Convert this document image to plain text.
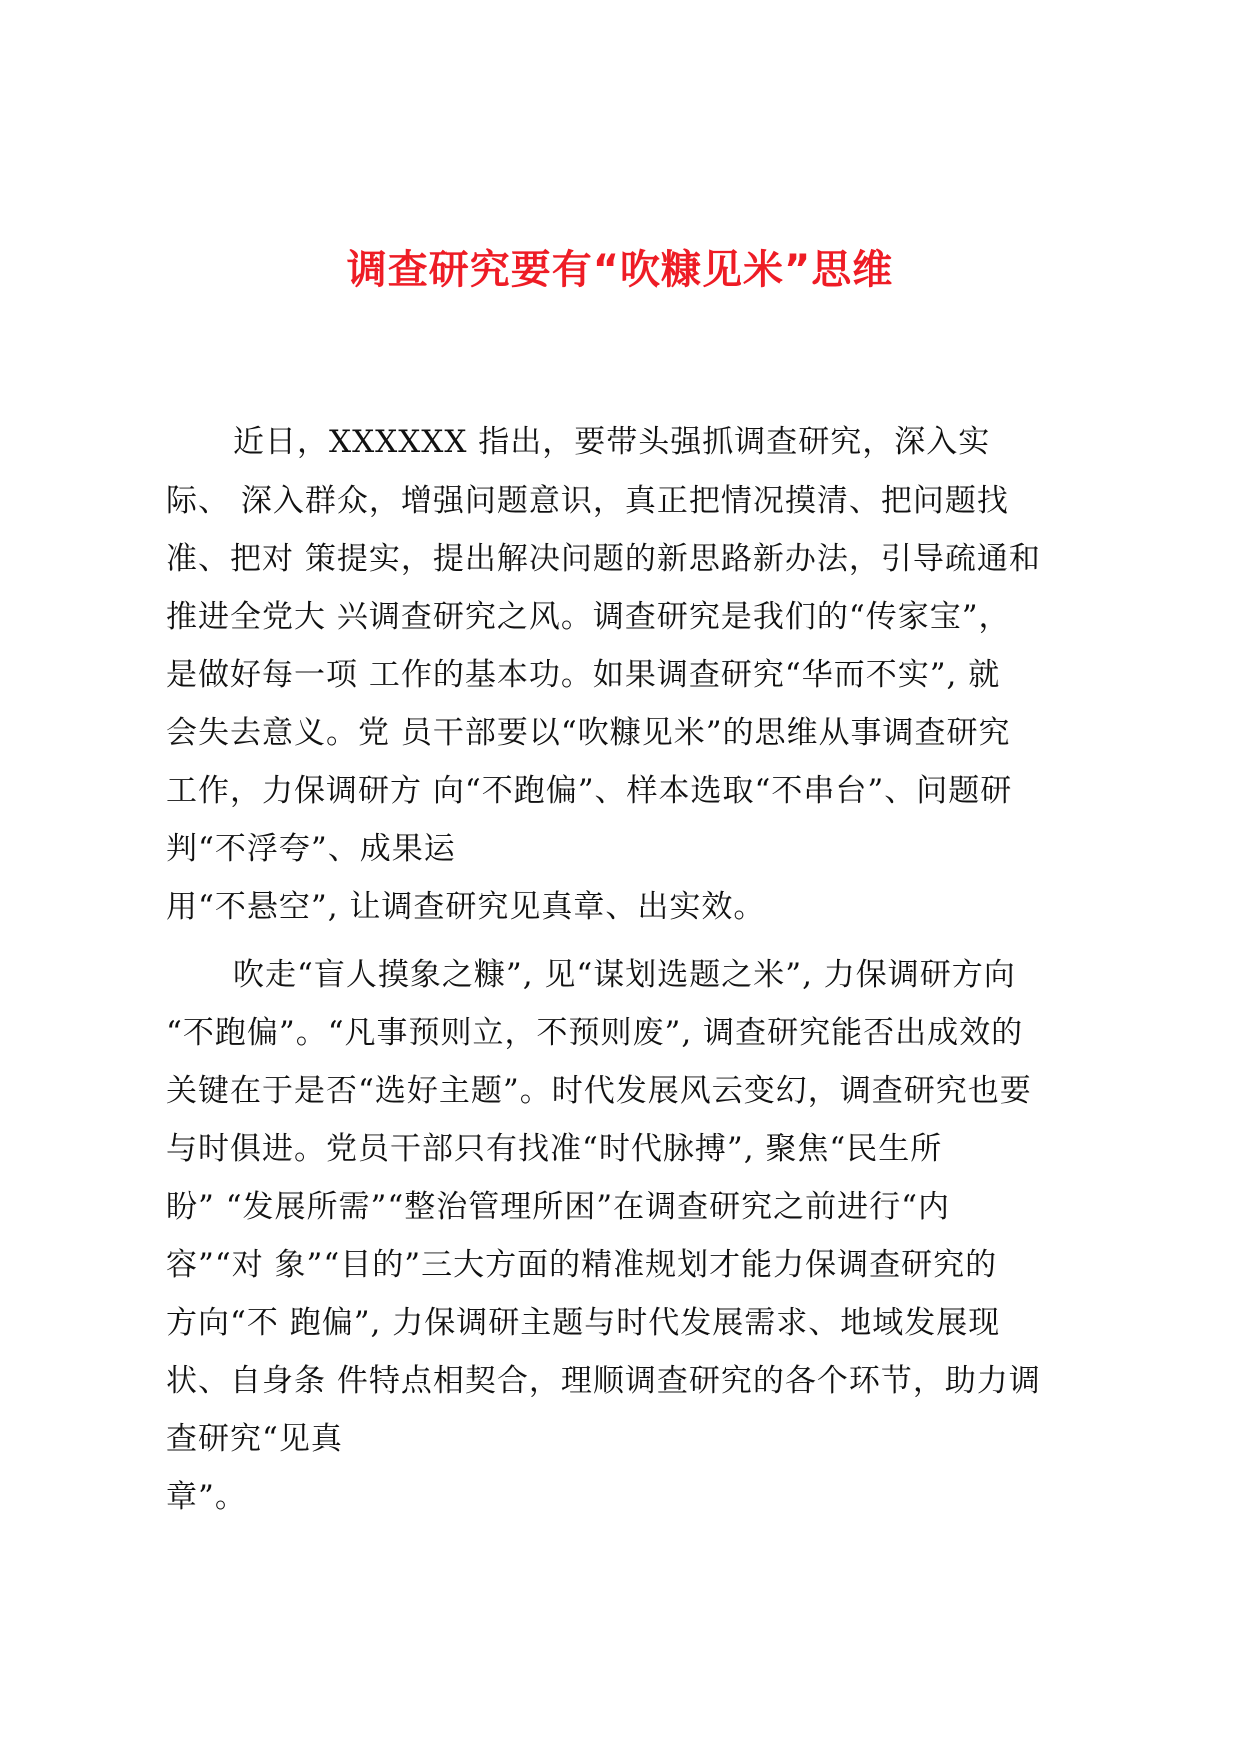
调查研究要有“吹糠见米”思维
近日，XXXXXX 指出，要带头强抓调查研究，深入实
际、 深入群众，增强问题意识，真正把情况摸清、把问题找
准、把对 策提实，提出解决问题的新思路新办法，引导疏通和
推进全党大 兴调查研究之风。调查研究是我们的“传家宝”，
是做好每一项 工作的基本功。如果调查研究“华而不实”, 就
会失去意义。党 员干部要以“吹糠见米”的思维从事调查研究
工作，力保调研方 向“不跑偏”、样本选取“不串台”、问题研
判“不浮夸”、成果运
用“不悬空”, 让调查研究见真章、出实效。
吹走“盲人摸象之糠”, 见“谋划选题之米”, 力保调研方向
“不跑偏”。“凡事预则立，不预则废”, 调查研究能否出成效的
关键在于是否“选好主题”。时代发展风云变幻，调查研究也要
与时俱进。党员干部只有找准“时代脉搏”, 聚焦“民生所
盼” “发展所需”“整治管理所困”在调查研究之前进行“内
容”“对 象”“目的”三大方面的精准规划才能力保调查研究的
方向“不 跑偏”, 力保调研主题与时代发展需求、地域发展现
状、自身条 件特点相契合，理顺调查研究的各个环节，助力调
查研究“见真
章”。
